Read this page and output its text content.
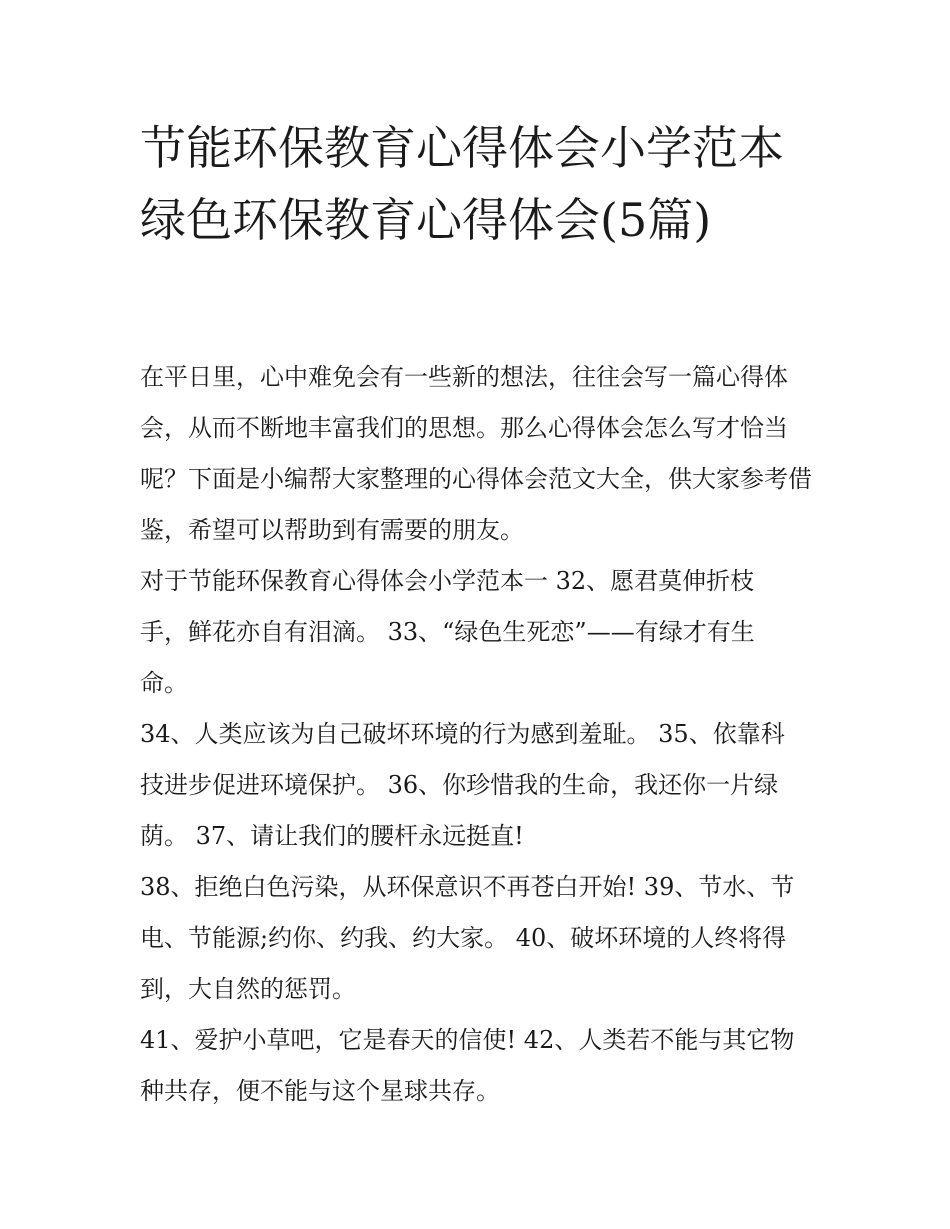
节能环保教育心得体会小学范本 绿色环保教育心得体会(5篇)

在平日里，心中难免会有一些新的想法，往往会写一篇心得体会，从而不断地丰富我们的思想。那么心得体会怎么写才恰当呢？下面是小编帮大家整理的心得体会范文大全，供大家参考借鉴，希望可以帮助到有需要的朋友。

对于节能环保教育心得体会小学范本一 32、愿君莫伸折枝手，鲜花亦自有泪滴。 33、“绿色生死恋”——有绿才有生命。

34、人类应该为自己破坏环境的行为感到羞耻。 35、依靠科技进步促进环境保护。 36、你珍惜我的生命，我还你一片绿荫。 37、请让我们的腰杆永远挺直!

38、拒绝白色污染，从环保意识不再苍白开始! 39、节水、节电、节能源;约你、约我、约大家。 40、破坏环境的人终将得到，大自然的惩罚。

41、爱护小草吧，它是春天的信使! 42、人类若不能与其它物种共存，便不能与这个星球共存。
